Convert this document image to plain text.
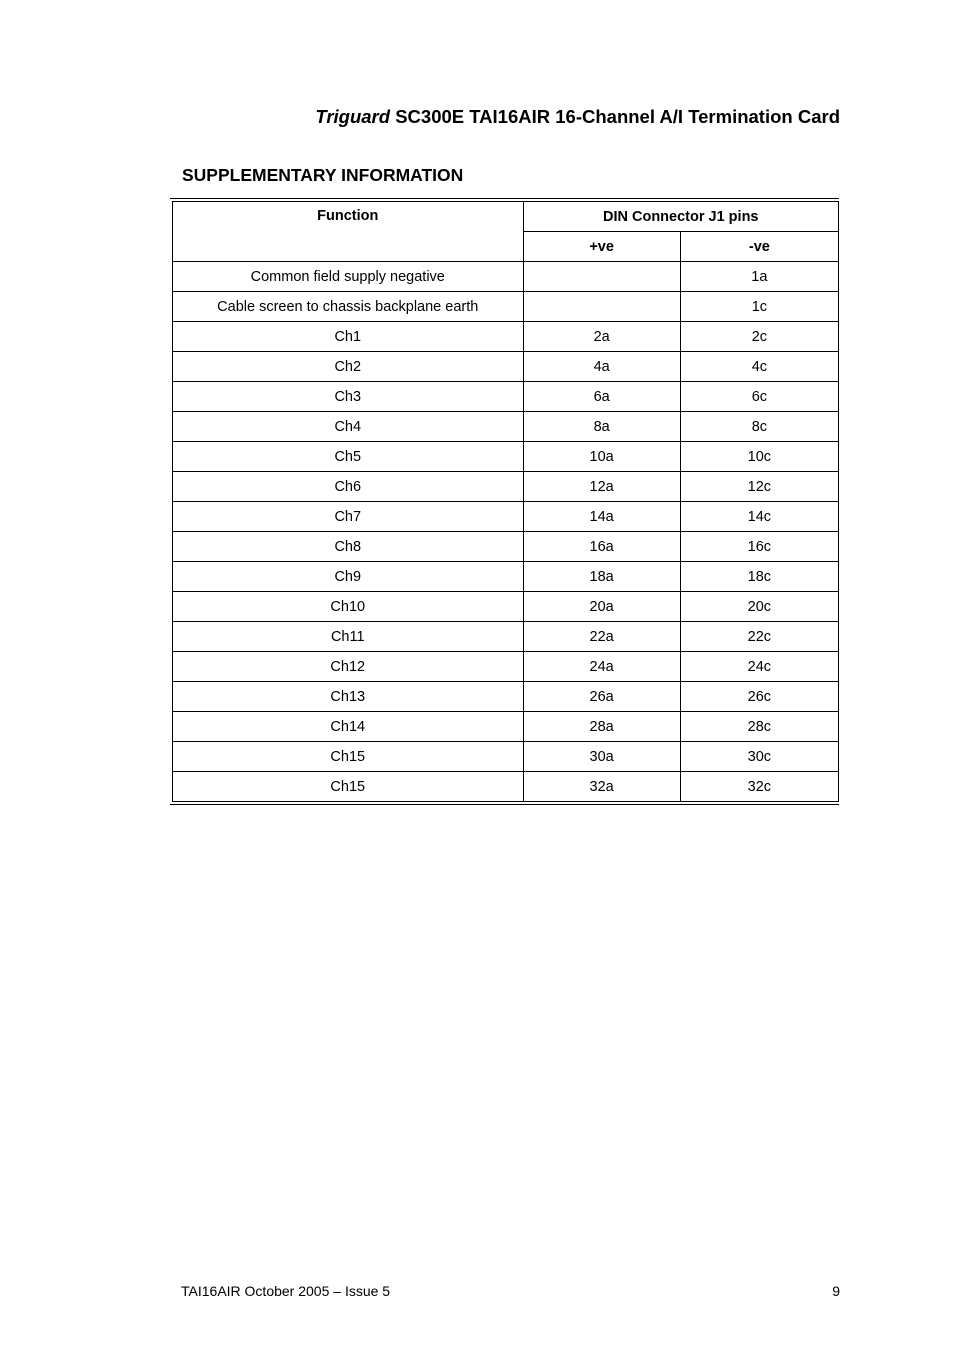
Triguard SC300E TAI16AIR 16-Channel A/I Termination Card
SUPPLEMENTARY INFORMATION
Function	DIN Connector J1 pins	
	+ve	-ve
Common field supply negative		1a
Cable screen to chassis backplane earth		1c
Ch1	2a	2c
Ch2	4a	4c
Ch3	6a	6c
Ch4	8a	8c
Ch5	10a	10c
Ch6	12a	12c
Ch7	14a	14c
Ch8	16a	16c
Ch9	18a	18c
Ch10	20a	20c
Ch11	22a	22c
Ch12	24a	24c
Ch13	26a	26c
Ch14	28a	28c
Ch15	30a	30c
Ch15	32a	32c
TAI16AIR October 2005 – Issue 5	9
